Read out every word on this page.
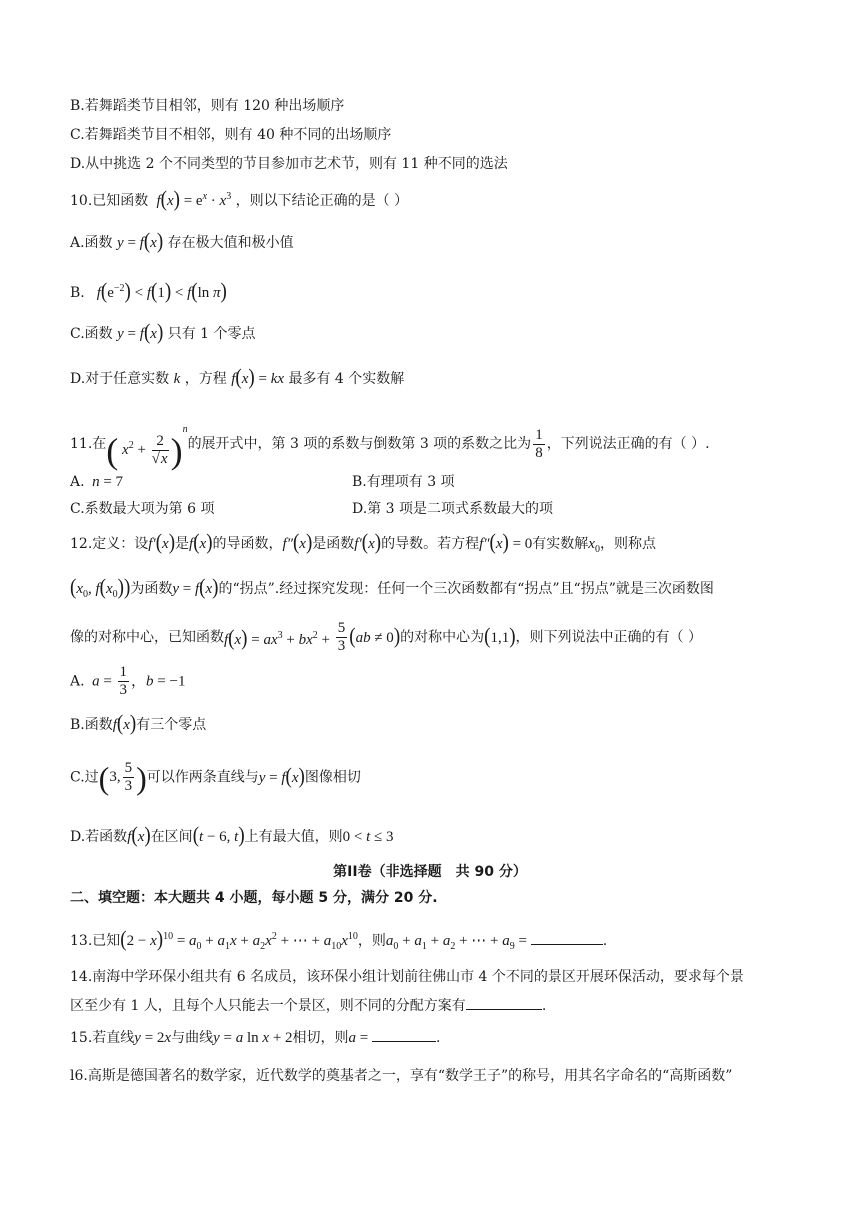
B.若舞蹈类节目相邻，则有 120 种出场顺序
C.若舞蹈类节目不相邻，则有 40 种不同的出场顺序
D.从中挑选 2 个不同类型的节目参加市艺术节，则有 11 种不同的选法
10.已知函数  $f(x) = e^x \cdot x^3$ ，则以下结论正确的是（ ）
A.函数 y = f(x) 存在极大值和极小值
B.   $f(e^{-2}) < f(1) < f(\ln$ π)
C.函数 y = f(x) 只有 1 个零点
D.对于任意实数 k ，方程 f(x) = kx 最多有 4 个实数解
11.在( $x^2 + \frac{2}{√x} )^n$的展开式中，第 3 项的系数与倒数第 3 项的系数之比为 $\frac{1}{8}$ ，下列说法正确的有（ ）.
A.  n = 7	B.有理项有 3 项
C.系数最大项为第 6 项	D.第 3 项是二项式系数最大的项
12.定义：设f′(x)是f(x)的导函数，f″(x)是函数f′(x)的导数。若方程f″(x) = 0有实数解$x_0$，则称点
($x_0$, $f(x_0)$)为函数y = f(x)的“拐点”.经过探究发现：任何一个三次函数都有“拐点”且“拐点”就是三次函数图
像的对称中心，已知函数$f(x) = ax^3 + bx^2 + \frac{5}{3} (ab \ne 0)$的对称中心为(1,1)，则下列说法中正确的有（ ）
A.  $a = \frac{1}{3}$ ，b = −1
B.函数f(x)有三个零点
C.过(3, $\frac{5}{3}$ )可以作两条直线与y = f(x)图像相切
D.若函数f(x)在区间(t − 6, t)上有最大值，则0 < t ≤ 3
第II卷（非选择题　共 90 分）
二、填空题：本大题共 4 小题，每小题 5 分，满分 20 分.
13.已知$(2 - x)^{10} = a_0 + a_1x + a_2x^2$ + ⋯ + $a_{10}x^{10}$，则$a_0 + a_1 + a_2$ + ⋯ + $a_9$ =	.
14.南海中学环保小组共有 6 名成员，该环保小组计划前往佛山市 4 个不同的景区开展环保活动，要求每个景
区至少有 1 人，且每个人只能去一个景区，则不同的分配方案有	.
15.若直线y = 2x与曲线y = a ln x + 2相切，则a =	.
l6.高斯是德国著名的数学家，近代数学的奠基者之一，享有“数学王子”的称号，用其名字命名的“高斯函数”
